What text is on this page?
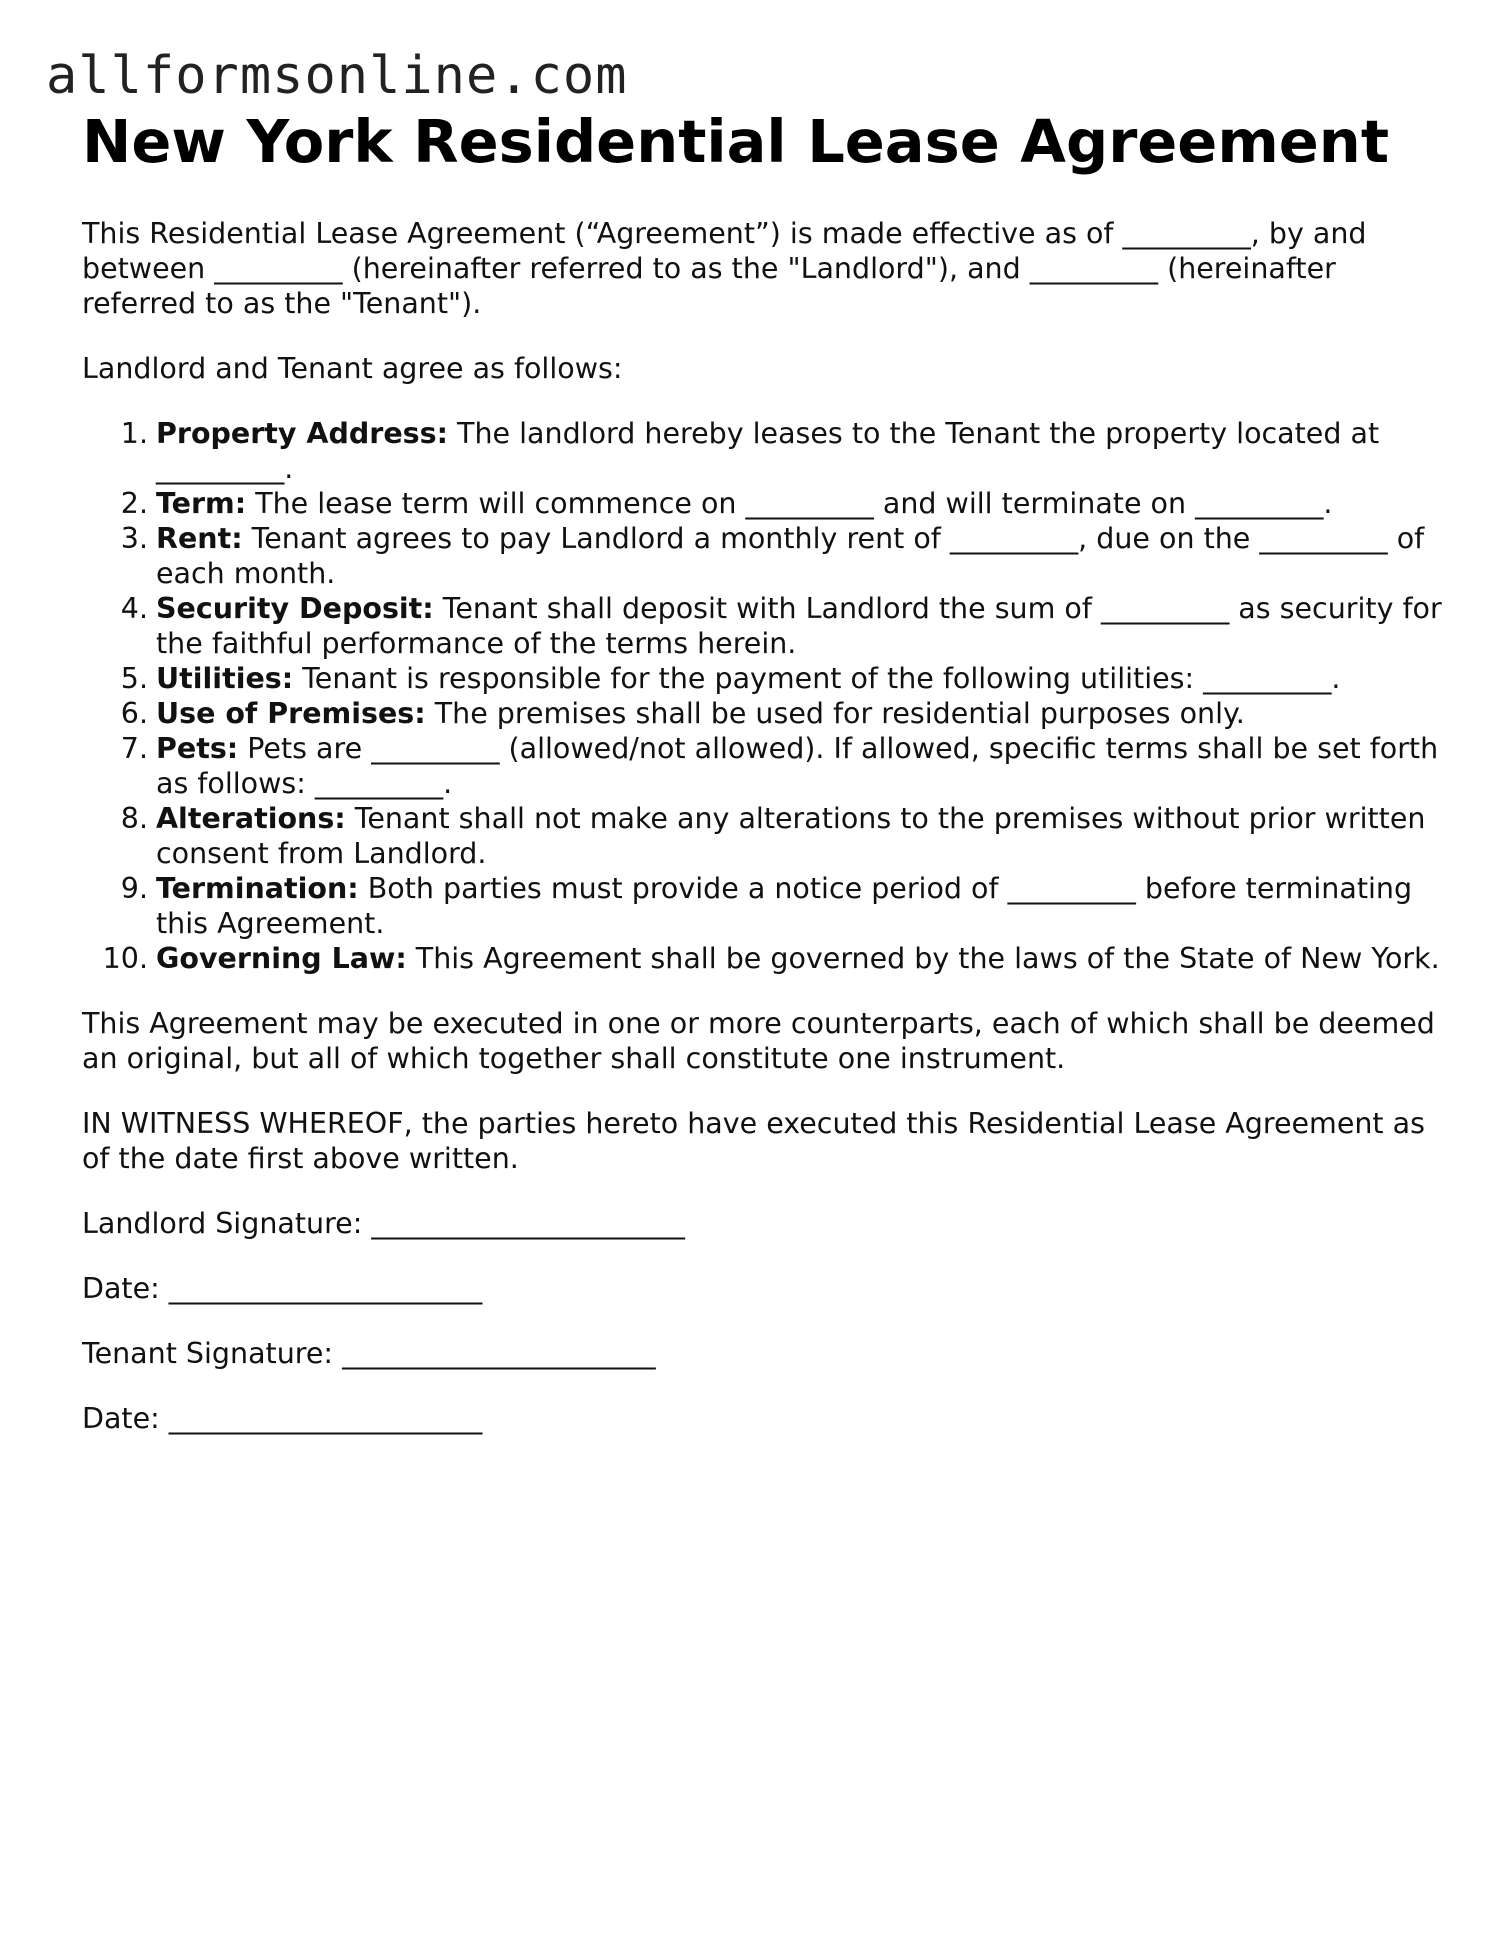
allformsonline.com
New York Residential Lease Agreement

This Residential Lease Agreement (“Agreement”) is made effective as of _________, by and between _________ (hereinafter referred to as the "Landlord"), and _________ (hereinafter referred to as the "Tenant").

Landlord and Tenant agree as follows:

Property Address: The landlord hereby leases to the Tenant the property located at _________.
Term: The lease term will commence on _________ and will terminate on _________.
Rent: Tenant agrees to pay Landlord a monthly rent of _________, due on the _________ of each month.
Security Deposit: Tenant shall deposit with Landlord the sum of _________ as security for the faithful performance of the terms herein.
Utilities: Tenant is responsible for the payment of the following utilities: _________.
Use of Premises: The premises shall be used for residential purposes only.
Pets: Pets are _________ (allowed/not allowed). If allowed, specific terms shall be set forth as follows: _________.
Alterations: Tenant shall not make any alterations to the premises without prior written consent from Landlord.
Termination: Both parties must provide a notice period of _________ before terminating this Agreement.
Governing Law: This Agreement shall be governed by the laws of the State of New York.

This Agreement may be executed in one or more counterparts, each of which shall be deemed an original, but all of which together shall constitute one instrument.

IN WITNESS WHEREOF, the parties hereto have executed this Residential Lease Agreement as of the date first above written.

Landlord Signature: ______________________

Date: ______________________

Tenant Signature: ______________________

Date: ______________________
